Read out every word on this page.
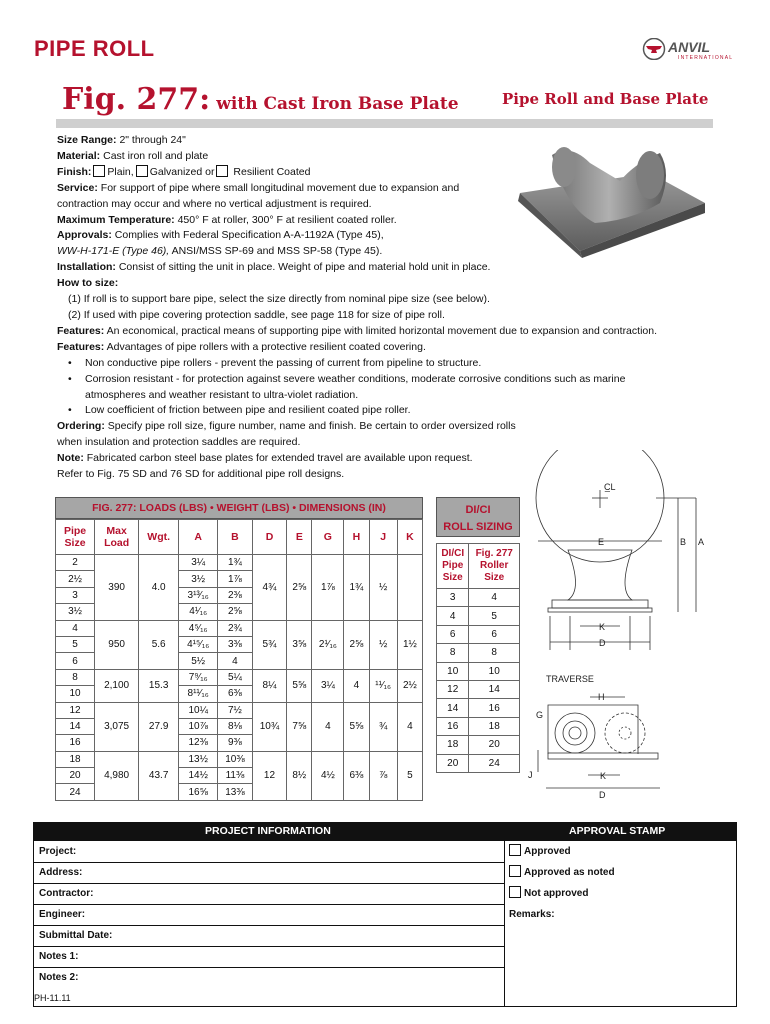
PIPE ROLL	ANVIL
INTERNATIONAL
Fig. 277: with Cast Iron Base Plate	Pipe Roll and Base Plate
Size Range: 2" through 24"
Material: Cast iron roll and plate
Finish: Plain, Galvanized or Resilient Coated
Service: For support of pipe where small longitudinal movement due to expansion and
contraction may occur and where no vertical adjustment is required.
Maximum Temperature: 450° F at roller, 300° F at resilient coated roller.
Approvals: Complies with Federal Specification A-A-1192A (Type 45),
WW-H-171-E (Type 46), ANSI/MSS SP-69 and MSS SP-58 (Type 45).
Installation: Consist of sitting the unit in place. Weight of pipe and material hold unit in place.
How to size:
(1) If roll is to support bare pipe, select the size directly from nominal pipe size (see below).
(2) If used with pipe covering protection saddle, see page 118 for size of pipe roll.
Features: An economical, practical means of supporting pipe with limited horizontal movement due to expansion and contraction.
Features: Advantages of pipe rollers with a protective resilient coated covering.
• Non conductive pipe rollers - prevent the passing of current from pipeline to structure.
• Corrosion resistant - for protection against severe weather conditions, moderate corrosive conditions such as marine
atmospheres and weather resistant to ultra-violet radiation.
• Low coefficient of friction between pipe and resilient coated pipe roller.
Ordering: Specify pipe roll size, figure number, name and finish. Be certain to order oversized rolls
when insulation and protection saddles are required.
Note: Fabricated carbon steel base plates for extended travel are available upon request.
Refer to Fig. 75 SD and 76 SD for additional pipe roll designs.
FIG. 277: LOADS (LBS) • WEIGHT (LBS) • DIMENSIONS (IN)
Pipe
Size	Max
Load	Wgt.	A	B	D	E	G	H	J	K
2	390	4.0	3¼	1¾	4¾	2⅝	1⅞	1¾	½	
2½			3½	1⅞						
3			3¹³⁄₁₆	2⅜						
3½			4¹⁄₁₆	2⅝						
4	950	5.6	4⁵⁄₁₆	2¾	5¾	3⅝	2¹⁄₁₆	2⅝	½	1½
5			4¹⁵⁄₁₆	3⅜						
6			5½	4						
8	2,100	15.3	7⁹⁄₁₆	5¼	8¼	5⅝	3¼	4	¹¹⁄₁₆	2½
10			8¹¹⁄₁₆	6⅜						
12	3,075	27.9	10¼	7½	10¾	7⅝	4	5⅝	¾	4
14			10⅞	8⅛						
16			12⅜	9⅜						
18	4,980	43.7	13½	10⅜	12	8½	4½	6⅜	⅞	5
20			14½	11⅜						
24			16⅝	13⅜						
DI/CI
ROLL SIZING
DI/CI
Pipe
Size	Fig. 277
Roller
Size
3	4
4	5
6	6
8	8
10	10
12	14
14	16
16	18
18	20
20	24
C̲L
E	B A
K
D
TRAVERSE
H
G
J	K
D
PROJECT INFORMATION	APPROVAL STAMP
Project:
Address:
Contractor:
Engineer:
Submittal Date:
Notes 1:
Notes 2:
Approved
Approved as noted
Not approved
Remarks:
PH-11.11
